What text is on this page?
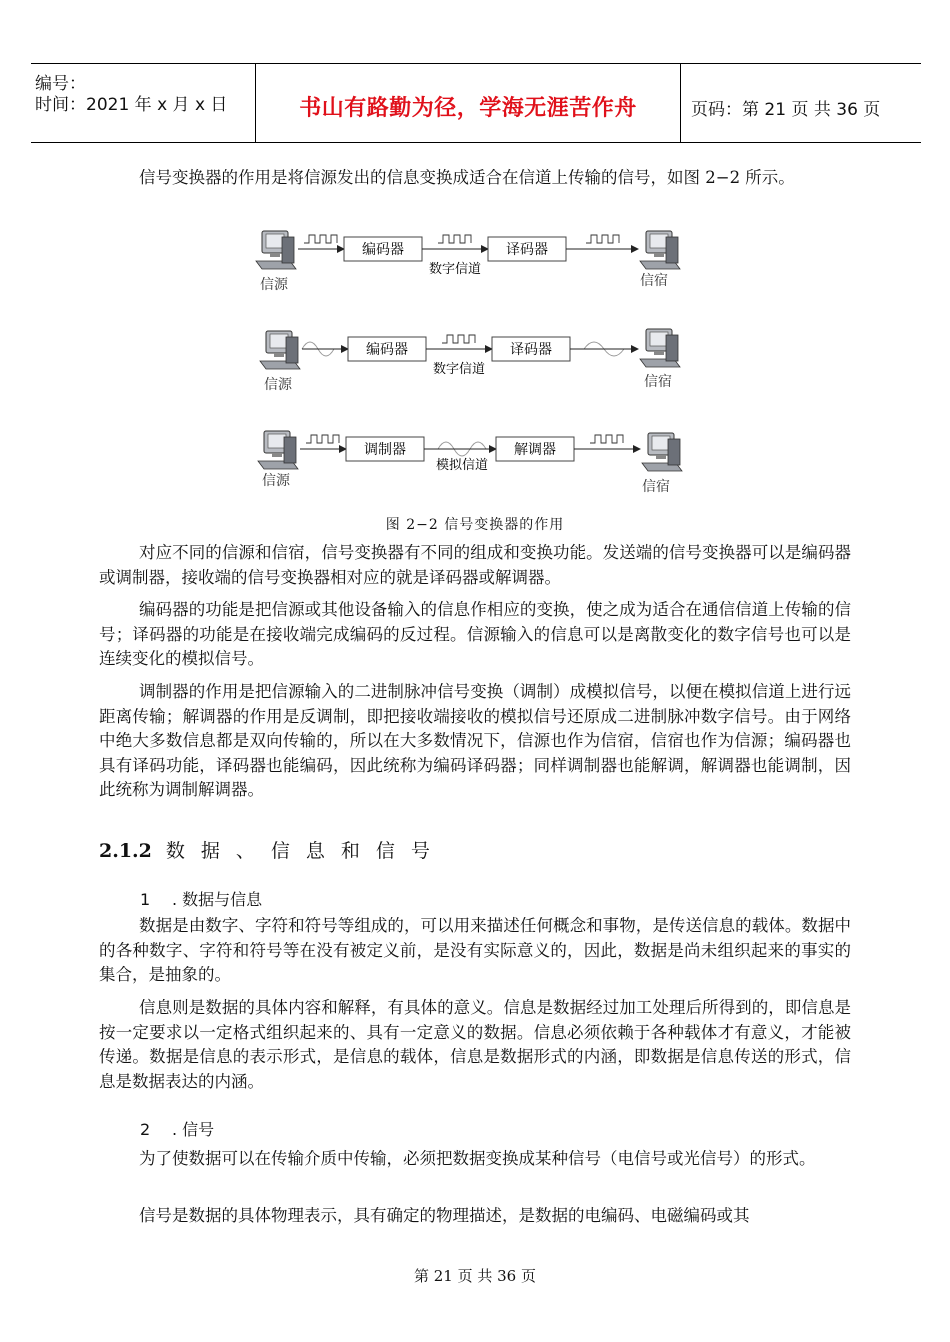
编号：
时间：2021 年 x 月 x 日	书山有路勤为径，学海无涯苦作舟	页码：第 21 页 共 36 页

信号变换器的作用是将信源发出的信息变换成适合在信道上传输的信号，如图 2−2 所示。

编码器
数字信道
译码器
信源	信宿
编码器
数字信道
译码器
信源	信宿
调制器
模拟信道
解调器
信源	信宿
图 2−2 信号变换器的作用

对应不同的信源和信宿，信号变换器有不同的组成和变换功能。发送端的信号变换器可以是编码器或调制器，接收端的信号变换器相对应的就是译码器或解调器。

编码器的功能是把信源或其他设备输入的信息作相应的变换，使之成为适合在通信信道上传输的信号；译码器的功能是在接收端完成编码的反过程。信源输入的信息可以是离散变化的数字信号也可以是连续变化的模拟信号。

调制器的作用是把信源输入的二进制脉冲信号变换（调制）成模拟信号，以便在模拟信道上进行远距离传输；解调器的作用是反调制，即把接收端接收的模拟信号还原成二进制脉冲数字信号。由于网络中绝大多数信息都是双向传输的，所以在大多数情况下，信源也作为信宿，信宿也作为信源；编码器也具有译码功能，译码器也能编码，因此统称为编码译码器；同样调制器也能解调，解调器也能调制，因此统称为调制解调器。

2.1.2 数据、信息和信号
1 . 数据与信息

数据是由数字、字符和符号等组成的，可以用来描述任何概念和事物，是传送信息的载体。数据中的各种数字、字符和符号等在没有被定义前，是没有实际意义的，因此，数据是尚未组织起来的事实的集合，是抽象的。

信息则是数据的具体内容和解释，有具体的意义。信息是数据经过加工处理后所得到的，即信息是按一定要求以一定格式组织起来的、具有一定意义的数据。信息必须依赖于各种载体才有意义，才能被传递。数据是信息的表示形式，是信息的载体，信息是数据形式的内涵，即数据是信息传送的形式，信息是数据表达的内涵。

2 . 信号

为了使数据可以在传输介质中传输，必须把数据变换成某种信号（电信号或光信号）的形式。

信号是数据的具体物理表示，具有确定的物理描述，是数据的电编码、电磁编码或其

第 21 页 共 36 页
